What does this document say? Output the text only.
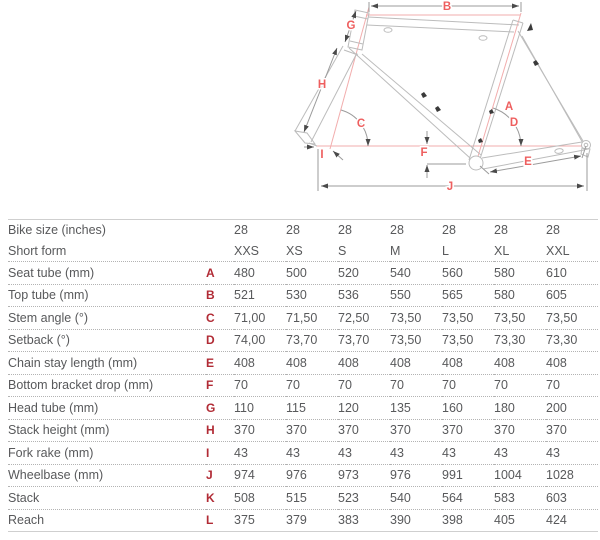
B
G
H
C
A
D
F
E
I
J
Bike size (inches)		28	28	28	28	28	28	28
Short form		XXS	XS	S	M	L	XL	XXL
Seat tube (mm)	A	480	500	520	540	560	580	610
Top tube (mm)	B	521	530	536	550	565	580	605
Stem angle (°)	C	71,00	71,50	72,50	73,50	73,50	73,50	73,50
Setback (°)	D	74,00	73,70	73,70	73,50	73,50	73,30	73,30
Chain stay length (mm)	E	408	408	408	408	408	408	408
Bottom bracket drop (mm)	F	70	70	70	70	70	70	70
Head tube (mm)	G	110	115	120	135	160	180	200
Stack height (mm)	H	370	370	370	370	370	370	370
Fork rake (mm)	I	43	43	43	43	43	43	43
Wheelbase (mm)	J	974	976	973	976	991	1004	1028
Stack	K	508	515	523	540	564	583	603
Reach	L	375	379	383	390	398	405	424
